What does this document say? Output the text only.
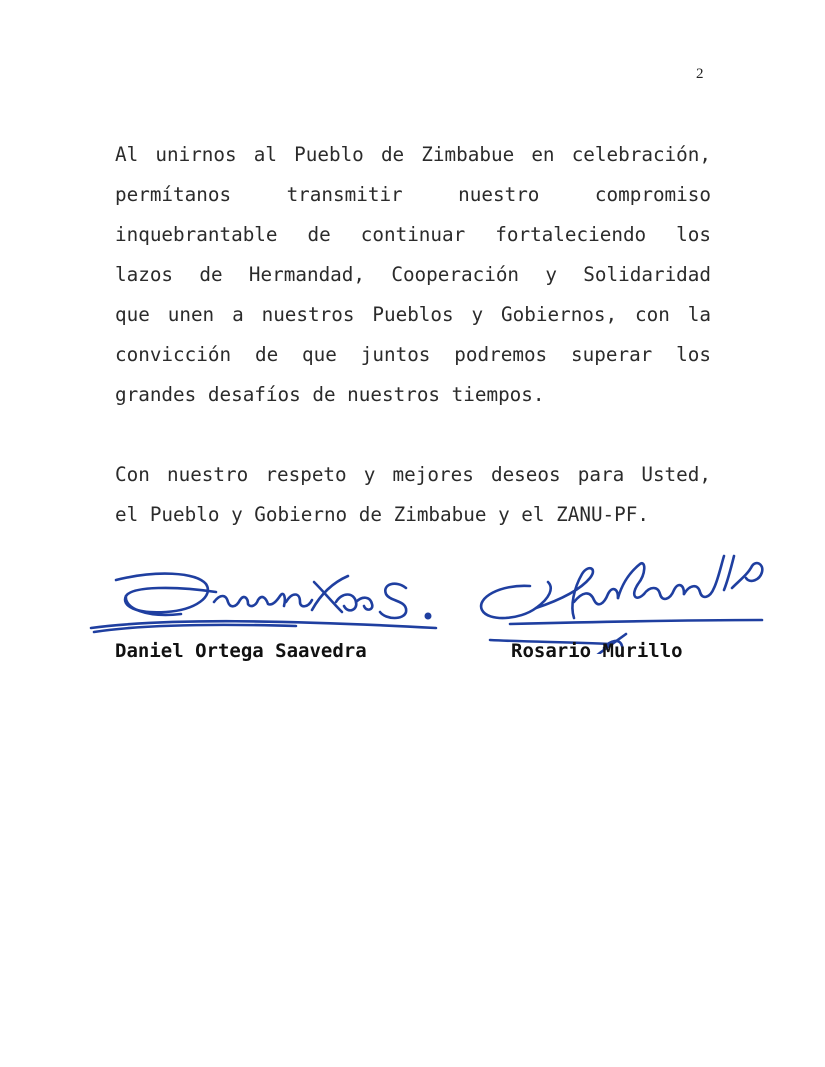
2
Al unirnos al Pueblo de Zimbabue en celebración,
permítanos transmitir nuestro compromiso
inquebrantable de continuar fortaleciendo los
lazos de Hermandad, Cooperación y Solidaridad
que unen a nuestros Pueblos y Gobiernos, con la
convicción de que juntos podremos superar los
grandes desafíos de nuestros tiempos.
Con nuestro respeto y mejores deseos para Usted,
el Pueblo y Gobierno de Zimbabue y el ZANU-PF.
Daniel Ortega Saavedra	Rosario Murillo
